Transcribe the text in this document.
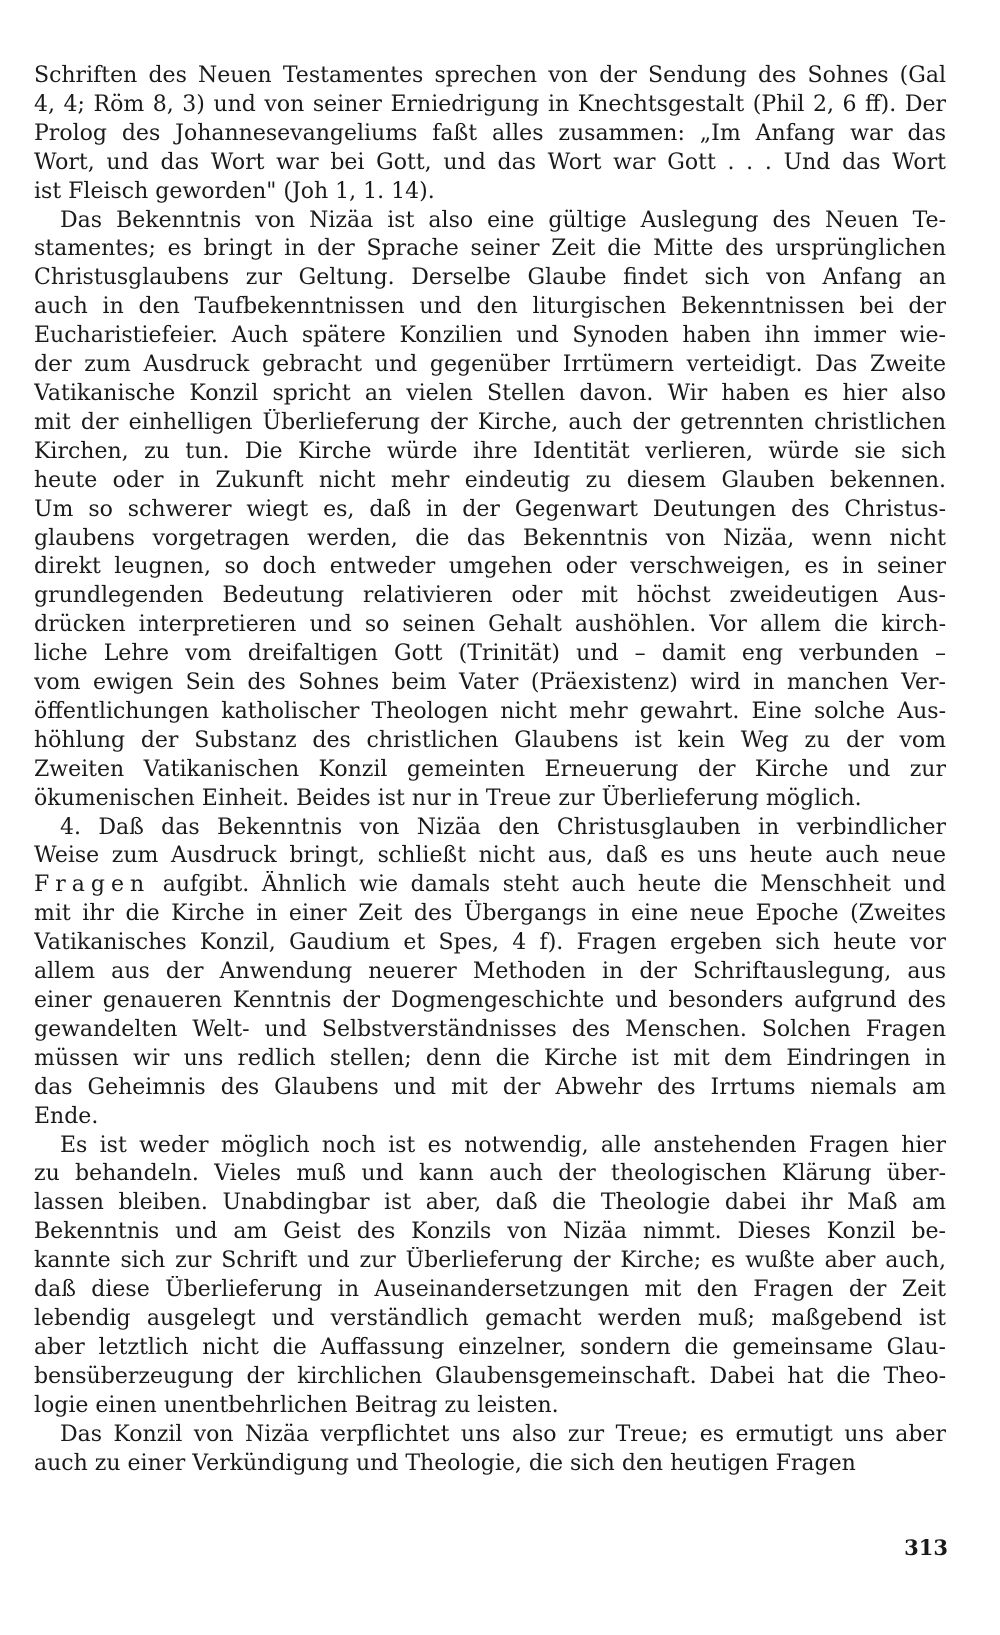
Schriften des Neuen Testamentes sprechen von der Sendung des Sohnes (Gal
4, 4; Röm 8, 3) und von seiner Erniedrigung in Knechtsgestalt (Phil 2, 6 ff). Der
Prolog des Johannesevangeliums faßt alles zusammen: „Im Anfang war das
Wort, und das Wort war bei Gott, und das Wort war Gott . . . Und das Wort
ist Fleisch geworden" (Joh 1, 1. 14).
Das Bekenntnis von Nizäa ist also eine gültige Auslegung des Neuen Te-
stamentes; es bringt in der Sprache seiner Zeit die Mitte des ursprünglichen
Christusglaubens zur Geltung. Derselbe Glaube findet sich von Anfang an
auch in den Taufbekenntnissen und den liturgischen Bekenntnissen bei der
Eucharistiefeier. Auch spätere Konzilien und Synoden haben ihn immer wie-
der zum Ausdruck gebracht und gegenüber Irrtümern verteidigt. Das Zweite
Vatikanische Konzil spricht an vielen Stellen davon. Wir haben es hier also
mit der einhelligen Überlieferung der Kirche, auch der getrennten christlichen
Kirchen, zu tun. Die Kirche würde ihre Identität verlieren, würde sie sich
heute oder in Zukunft nicht mehr eindeutig zu diesem Glauben bekennen.
Um so schwerer wiegt es, daß in der Gegenwart Deutungen des Christus-
glaubens vorgetragen werden, die das Bekenntnis von Nizäa, wenn nicht
direkt leugnen, so doch entweder umgehen oder verschweigen, es in seiner
grundlegenden Bedeutung relativieren oder mit höchst zweideutigen Aus-
drücken interpretieren und so seinen Gehalt aushöhlen. Vor allem die kirch-
liche Lehre vom dreifaltigen Gott (Trinität) und – damit eng verbunden –
vom ewigen Sein des Sohnes beim Vater (Präexistenz) wird in manchen Ver-
öffentlichungen katholischer Theologen nicht mehr gewahrt. Eine solche Aus-
höhlung der Substanz des christlichen Glaubens ist kein Weg zu der vom
Zweiten Vatikanischen Konzil gemeinten Erneuerung der Kirche und zur
ökumenischen Einheit. Beides ist nur in Treue zur Überlieferung möglich.
4. Daß das Bekenntnis von Nizäa den Christusglauben in verbindlicher
Weise zum Ausdruck bringt, schließt nicht aus, daß es uns heute auch neue
Fragen aufgibt. Ähnlich wie damals steht auch heute die Menschheit und
mit ihr die Kirche in einer Zeit des Übergangs in eine neue Epoche (Zweites
Vatikanisches Konzil, Gaudium et Spes, 4 f). Fragen ergeben sich heute vor
allem aus der Anwendung neuerer Methoden in der Schriftauslegung, aus
einer genaueren Kenntnis der Dogmengeschichte und besonders aufgrund des
gewandelten Welt- und Selbstverständnisses des Menschen. Solchen Fragen
müssen wir uns redlich stellen; denn die Kirche ist mit dem Eindringen in
das Geheimnis des Glaubens und mit der Abwehr des Irrtums niemals am
Ende.
Es ist weder möglich noch ist es notwendig, alle anstehenden Fragen hier
zu behandeln. Vieles muß und kann auch der theologischen Klärung über-
lassen bleiben. Unabdingbar ist aber, daß die Theologie dabei ihr Maß am
Bekenntnis und am Geist des Konzils von Nizäa nimmt. Dieses Konzil be-
kannte sich zur Schrift und zur Überlieferung der Kirche; es wußte aber auch,
daß diese Überlieferung in Auseinandersetzungen mit den Fragen der Zeit
lebendig ausgelegt und verständlich gemacht werden muß; maßgebend ist
aber letztlich nicht die Auffassung einzelner, sondern die gemeinsame Glau-
bensüberzeugung der kirchlichen Glaubensgemeinschaft. Dabei hat die Theo-
logie einen unentbehrlichen Beitrag zu leisten.
Das Konzil von Nizäa verpflichtet uns also zur Treue; es ermutigt uns aber
auch zu einer Verkündigung und Theologie, die sich den heutigen Fragen
313
